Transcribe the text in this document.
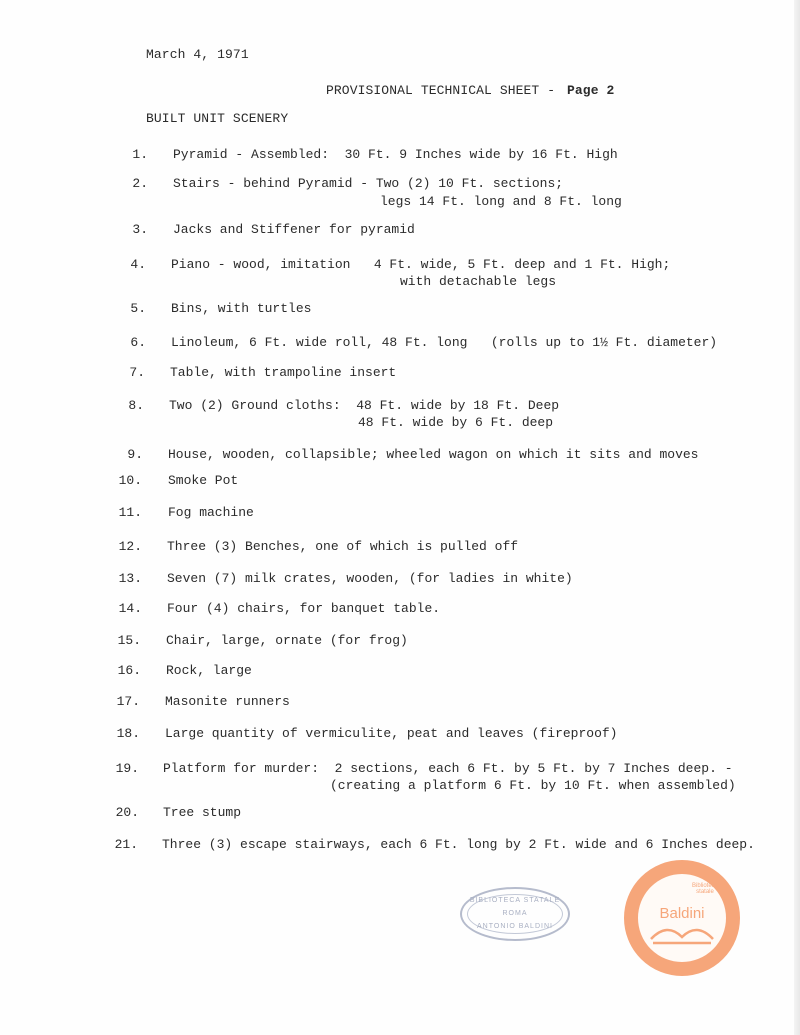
March 4, 1971
PROVISIONAL TECHNICAL SHEET - Page 2
BUILT UNIT SCENERY
1. Pyramid - Assembled:  30 Ft. 9 Inches wide by 16 Ft. High
2. Stairs - behind Pyramid - Two (2) 10 Ft. sections;
legs 14 Ft. long and 8 Ft. long
3. Jacks and Stiffener for pyramid
4. Piano - wood, imitation   4 Ft. wide, 5 Ft. deep and 1 Ft. High;
with detachable legs
5. Bins, with turtles
6. Linoleum, 6 Ft. wide roll, 48 Ft. long   (rolls up to 1½ Ft. diameter)
7. Table, with trampoline insert
8. Two (2) Ground cloths:  48 Ft. wide by 18 Ft. Deep
48 Ft. wide by 6 Ft. deep
9. House, wooden, collapsible; wheeled wagon on which it sits and moves
10. Smoke Pot
11. Fog machine
12. Three (3) Benches, one of which is pulled off
13. Seven (7) milk crates, wooden, (for ladies in white)
14. Four (4) chairs, for banquet table.
15. Chair, large, ornate (for frog)
16. Rock, large
17. Masonite runners
18. Large quantity of vermiculite, peat and leaves (fireproof)
19. Platform for murder:  2 sections, each 6 Ft. by 5 Ft. by 7 Inches deep. -
(creating a platform 6 Ft. by 10 Ft. when assembled)
20. Tree stump
21. Three (3) escape stairways, each 6 Ft. long by 2 Ft. wide and 6 Inches deep.
BIBLIOTECA STATALE
ROMA
ANTONIO BALDINI
Biblioteca
statale
Baldini
